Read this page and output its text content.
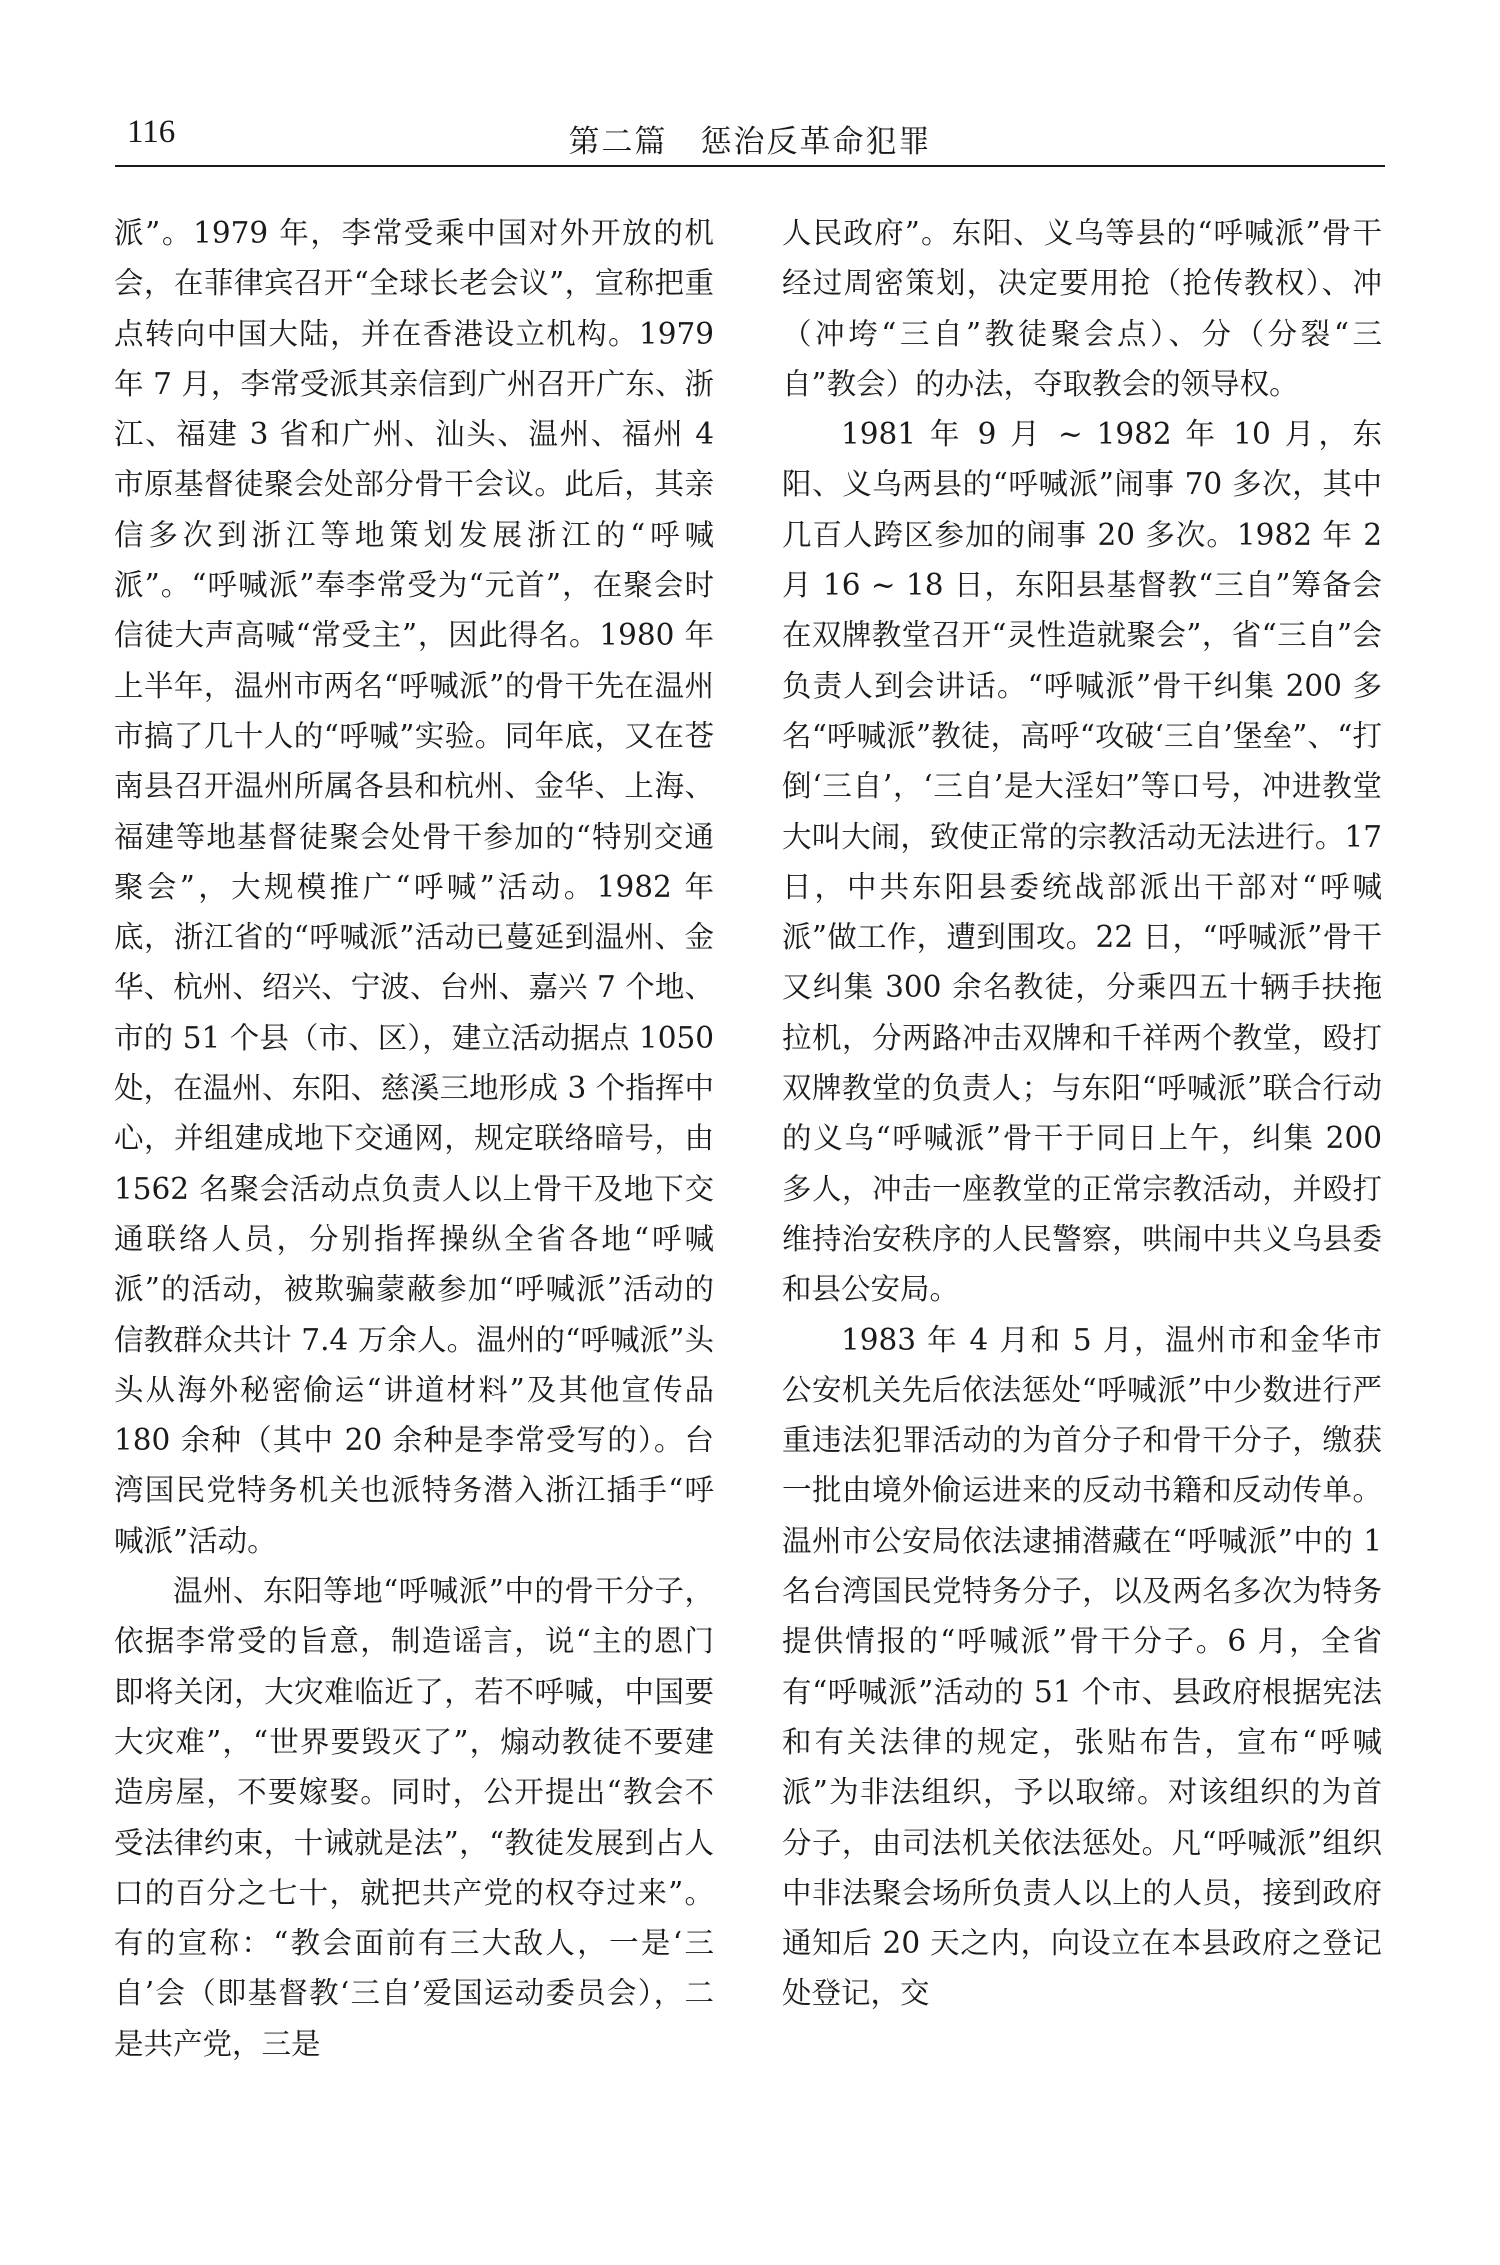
116	第二篇　惩治反革命犯罪

派”。1979 年，李常受乘中国对外开放的机会，在菲律宾召开“全球长老会议”，宣称把重点转向中国大陆，并在香港设立机构。1979 年 7 月，李常受派其亲信到广州召开广东、浙江、福建 3 省和广州、汕头、温州、福州 4 市原基督徒聚会处部分骨干会议。此后，其亲信多次到浙江等地策划发展浙江的“呼喊派”。“呼喊派”奉李常受为“元首”，在聚会时信徒大声高喊“常受主”，因此得名。1980 年上半年，温州市两名“呼喊派”的骨干先在温州市搞了几十人的“呼喊”实验。同年底，又在苍南县召开温州所属各县和杭州、金华、上海、福建等地基督徒聚会处骨干参加的“特别交通聚会”，大规模推广“呼喊”活动。1982 年底，浙江省的“呼喊派”活动已蔓延到温州、金华、杭州、绍兴、宁波、台州、嘉兴 7 个地、市的 51 个县（市、区），建立活动据点 1050 处，在温州、东阳、慈溪三地形成 3 个指挥中心，并组建成地下交通网，规定联络暗号，由 1562 名聚会活动点负责人以上骨干及地下交通联络人员，分别指挥操纵全省各地“呼喊派”的活动，被欺骗蒙蔽参加“呼喊派”活动的信教群众共计 7.4 万余人。温州的“呼喊派”头头从海外秘密偷运“讲道材料”及其他宣传品 180 余种（其中 20 余种是李常受写的）。台湾国民党特务机关也派特务潜入浙江插手“呼喊派”活动。

温州、东阳等地“呼喊派”中的骨干分子，依据李常受的旨意，制造谣言，说“主的恩门即将关闭，大灾难临近了，若不呼喊，中国要大灾难”，“世界要毁灭了”，煽动教徒不要建造房屋，不要嫁娶。同时，公开提出“教会不受法律约束，十诫就是法”，“教徒发展到占人口的百分之七十，就把共产党的权夺过来”。有的宣称：“教会面前有三大敌人，一是‘三自’会（即基督教‘三自’爱国运动委员会），二是共产党，三是

人民政府”。东阳、义乌等县的“呼喊派”骨干经过周密策划，决定要用抢（抢传教权）、冲（冲垮“三自”教徒聚会点）、分（分裂“三自”教会）的办法，夺取教会的领导权。

1981 年 9 月 ~ 1982 年 10 月，东阳、义乌两县的“呼喊派”闹事 70 多次，其中几百人跨区参加的闹事 20 多次。1982 年 2 月 16 ~ 18 日，东阳县基督教“三自”筹备会在双牌教堂召开“灵性造就聚会”，省“三自”会负责人到会讲话。“呼喊派”骨干纠集 200 多名“呼喊派”教徒，高呼“攻破‘三自’堡垒”、“打倒‘三自’，‘三自’是大淫妇”等口号，冲进教堂大叫大闹，致使正常的宗教活动无法进行。17 日，中共东阳县委统战部派出干部对“呼喊派”做工作，遭到围攻。22 日，“呼喊派”骨干又纠集 300 余名教徒，分乘四五十辆手扶拖拉机，分两路冲击双牌和千祥两个教堂，殴打双牌教堂的负责人；与东阳“呼喊派”联合行动的义乌“呼喊派”骨干于同日上午，纠集 200 多人，冲击一座教堂的正常宗教活动，并殴打维持治安秩序的人民警察，哄闹中共义乌县委和县公安局。

1983 年 4 月和 5 月，温州市和金华市公安机关先后依法惩处“呼喊派”中少数进行严重违法犯罪活动的为首分子和骨干分子，缴获一批由境外偷运进来的反动书籍和反动传单。温州市公安局依法逮捕潜藏在“呼喊派”中的 1 名台湾国民党特务分子，以及两名多次为特务提供情报的“呼喊派”骨干分子。6 月，全省有“呼喊派”活动的 51 个市、县政府根据宪法和有关法律的规定，张贴布告，宣布“呼喊派”为非法组织，予以取缔。对该组织的为首分子，由司法机关依法惩处。凡“呼喊派”组织中非法聚会场所负责人以上的人员，接到政府通知后 20 天之内，向设立在本县政府之登记处登记，交
